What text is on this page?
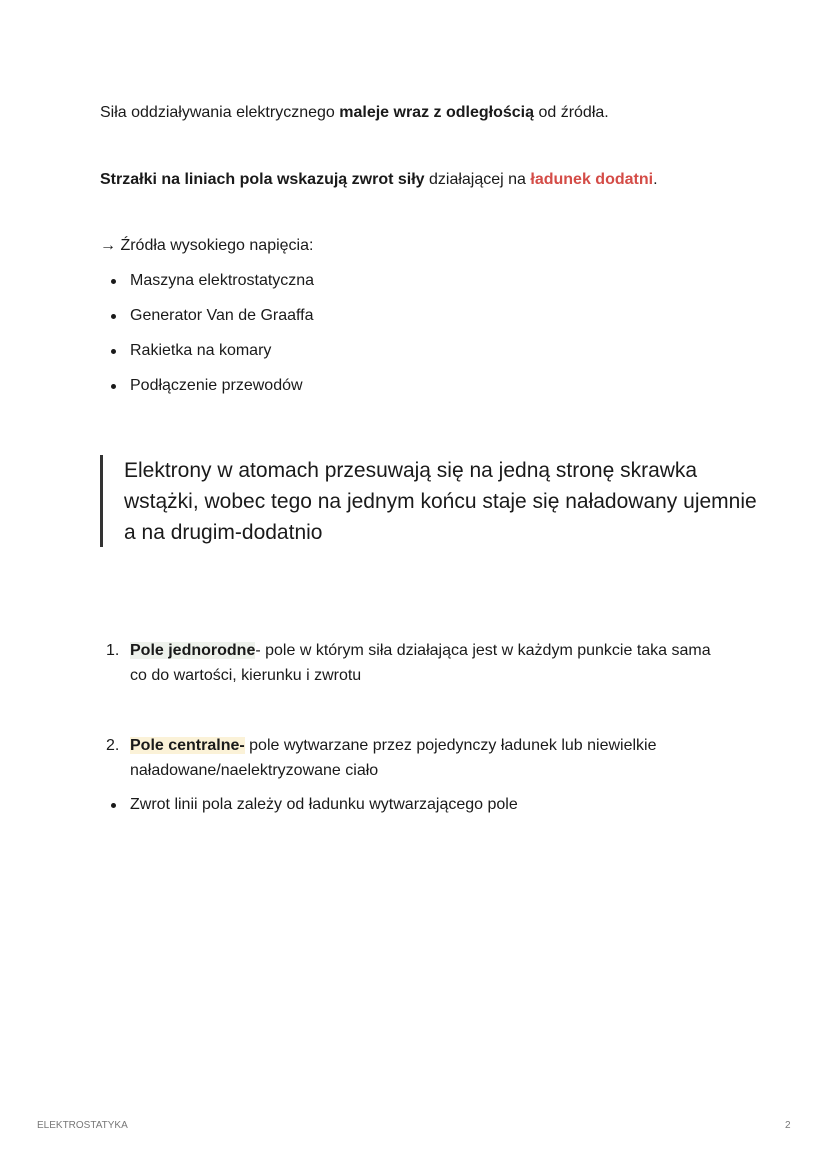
Siła oddziaływania elektrycznego maleje wraz z odległością od źródła.
Strzałki na liniach pola wskazują zwrot siły działającej na ładunek dodatni.
→ Źródła wysokiego napięcia:
Maszyna elektrostatyczna
Generator Van de Graaffa
Rakietka na komary
Podłączenie przewodów
Elektrony w atomach przesuwają się na jedną stronę skrawka wstążki, wobec tego na jednym końcu staje się naładowany ujemnie a na drugim-dodatnio
1. Pole jednorodne- pole w którym siła działająca jest w każdym punkcie taka sama co do wartości, kierunku i zwrotu
2. Pole centralne- pole wytwarzane przez pojedynczy ładunek lub niewielkie naładowane/naelektryzowane ciało
Zwrot linii pola zależy od ładunku wytwarzającego pole
ELEKTROSTATYKA	2
